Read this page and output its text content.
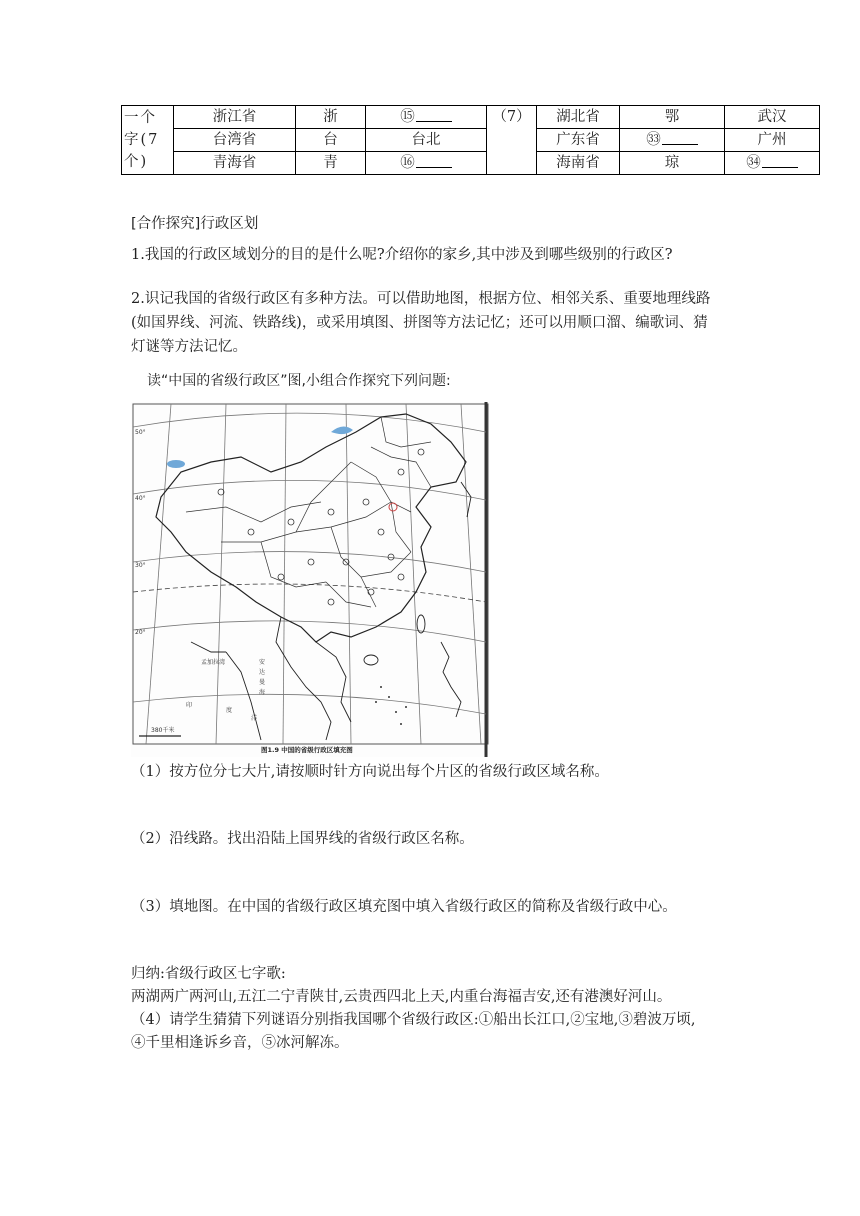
一个字(7个)	浙江省	浙	⑮	（7）	湖北省	鄂	武汉
	台湾省	台	台北		广东省	㉝	广州
	青海省	青	⑯		海南省	琼	㉞
[合作探究]行政区划
1.我国的行政区域划分的目的是什么呢?介绍你的家乡,其中涉及到哪些级别的行政区?
2.识记我国的省级行政区有多种方法。可以借助地图，根据方位、相邻关系、重要地理线路
(如国界线、河流、铁路线)，或采用填图、拼图等方法记忆；还可以用顺口溜、编歌词、猜
灯谜等方法记忆。
读“中国的省级行政区”图,小组合作探究下列问题:
50°
40°
30°
20°
孟加拉湾
印
度
洋
安
达
曼
海
380千米
图1.9 中国的省级行政区填充图
（1）按方位分七大片,请按顺时针方向说出每个片区的省级行政区域名称。
（2）沿线路。找出沿陆上国界线的省级行政区名称。
（3）填地图。在中国的省级行政区填充图中填入省级行政区的简称及省级行政中心。
归纳:省级行政区七字歌:
两湖两广两河山,五江二宁青陕甘,云贵西四北上天,内重台海福吉安,还有港澳好河山。
（4）请学生猜猜下列谜语分别指我国哪个省级行政区:①船出长江口,②宝地,③碧波万顷,
④千里相逢诉乡音，⑤冰河解冻。
